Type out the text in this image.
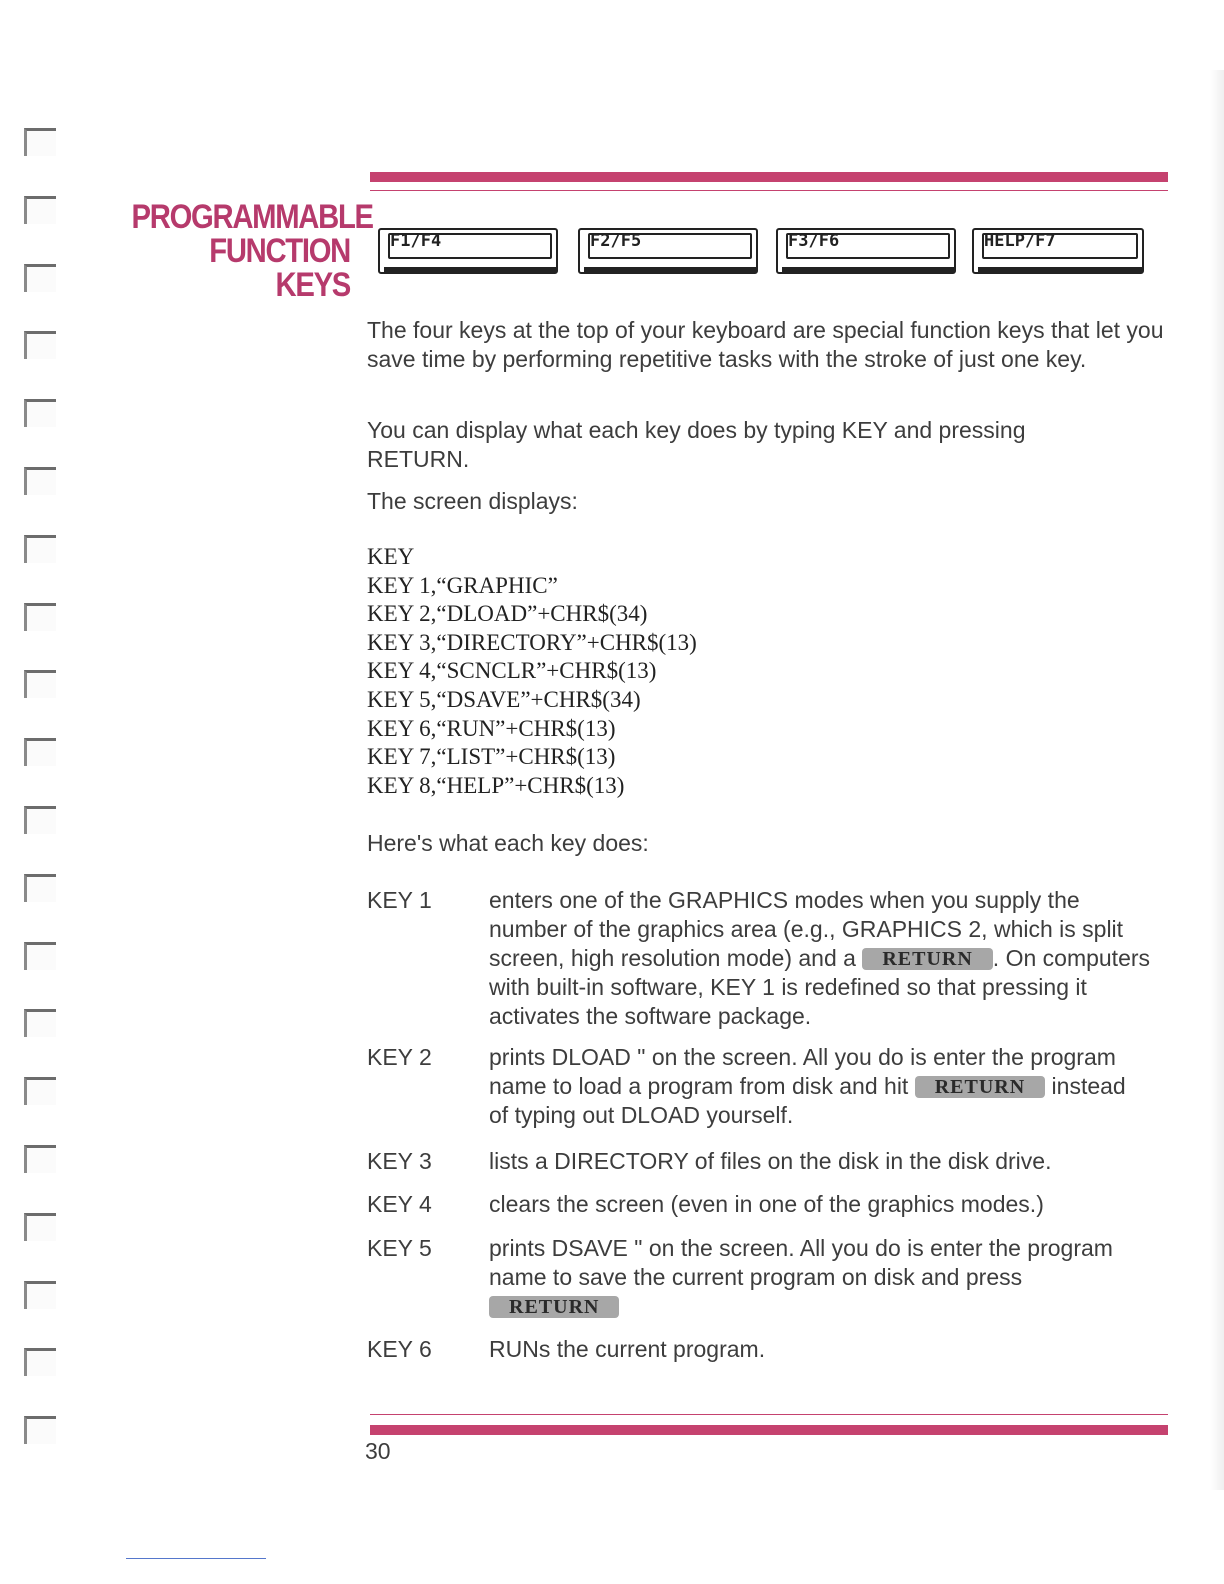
PROGRAMMABLE
FUNCTION
KEYS
F1/F4	F2/F5	F3/F6	HELP/F7
The four keys at the top of your keyboard are special function keys that let you save time by performing repetitive tasks with the stroke of just one key.
You can display what each key does by typing KEY and pressing RETURN.
The screen displays:
KEY
KEY 1,“GRAPHIC”
KEY 2,“DLOAD”+CHR$(34)
KEY 3,“DIRECTORY”+CHR$(13)
KEY 4,“SCNCLR”+CHR$(13)
KEY 5,“DSAVE”+CHR$(34)
KEY 6,“RUN”+CHR$(13)
KEY 7,“LIST”+CHR$(13)
KEY 8,“HELP”+CHR$(13)
Here's what each key does:
KEY 1	enters one of the GRAPHICS modes when you supply the number of the graphics area (e.g., GRAPHICS 2, which is split screen, high resolution mode) and a RETURN . On computers with built-in software, KEY 1 is redefined so that pressing it activates the software package.
KEY 2	prints DLOAD " on the screen. All you do is enter the program name to load a program from disk and hit RETURN instead of typing out DLOAD yourself.
KEY 3	lists a DIRECTORY of files on the disk in the disk drive.
KEY 4	clears the screen (even in one of the graphics modes.)
KEY 5	prints DSAVE " on the screen. All you do is enter the program name to save the current program on disk and press RETURN
KEY 6	RUNs the current program.
30
